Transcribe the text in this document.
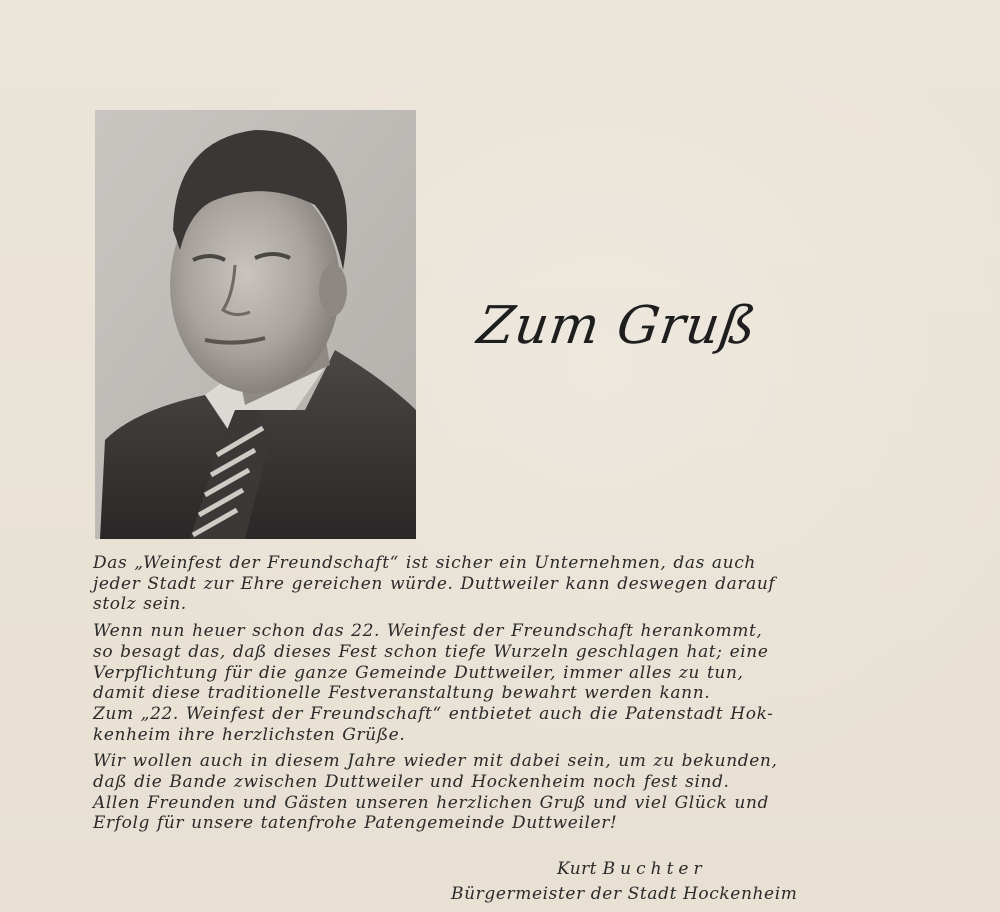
Zum Gruß

Das „Weinfest der Freundschaft“ ist sicher ein Unternehmen, das auch
jeder Stadt zur Ehre gereichen würde. Duttweiler kann deswegen darauf
stolz sein.

Wenn nun heuer schon das 22. Weinfest der Freundschaft herankommt,
so besagt das, daß dieses Fest schon tiefe Wurzeln geschlagen hat; eine
Verpflichtung für die ganze Gemeinde Duttweiler, immer alles zu tun,
damit diese traditionelle Festveranstaltung bewahrt werden kann.
Zum „22. Weinfest der Freundschaft“ entbietet auch die Patenstadt Hok-
kenheim ihre herzlichsten Grüße.

Wir wollen auch in diesem Jahre wieder mit dabei sein, um zu bekunden,
daß die Bande zwischen Duttweiler und Hockenheim noch fest sind.
Allen Freunden und Gästen unseren herzlichen Gruß und viel Glück und
Erfolg für unsere tatenfrohe Patengemeinde Duttweiler!

Kurt Buchter
Bürgermeister der Stadt Hockenheim
